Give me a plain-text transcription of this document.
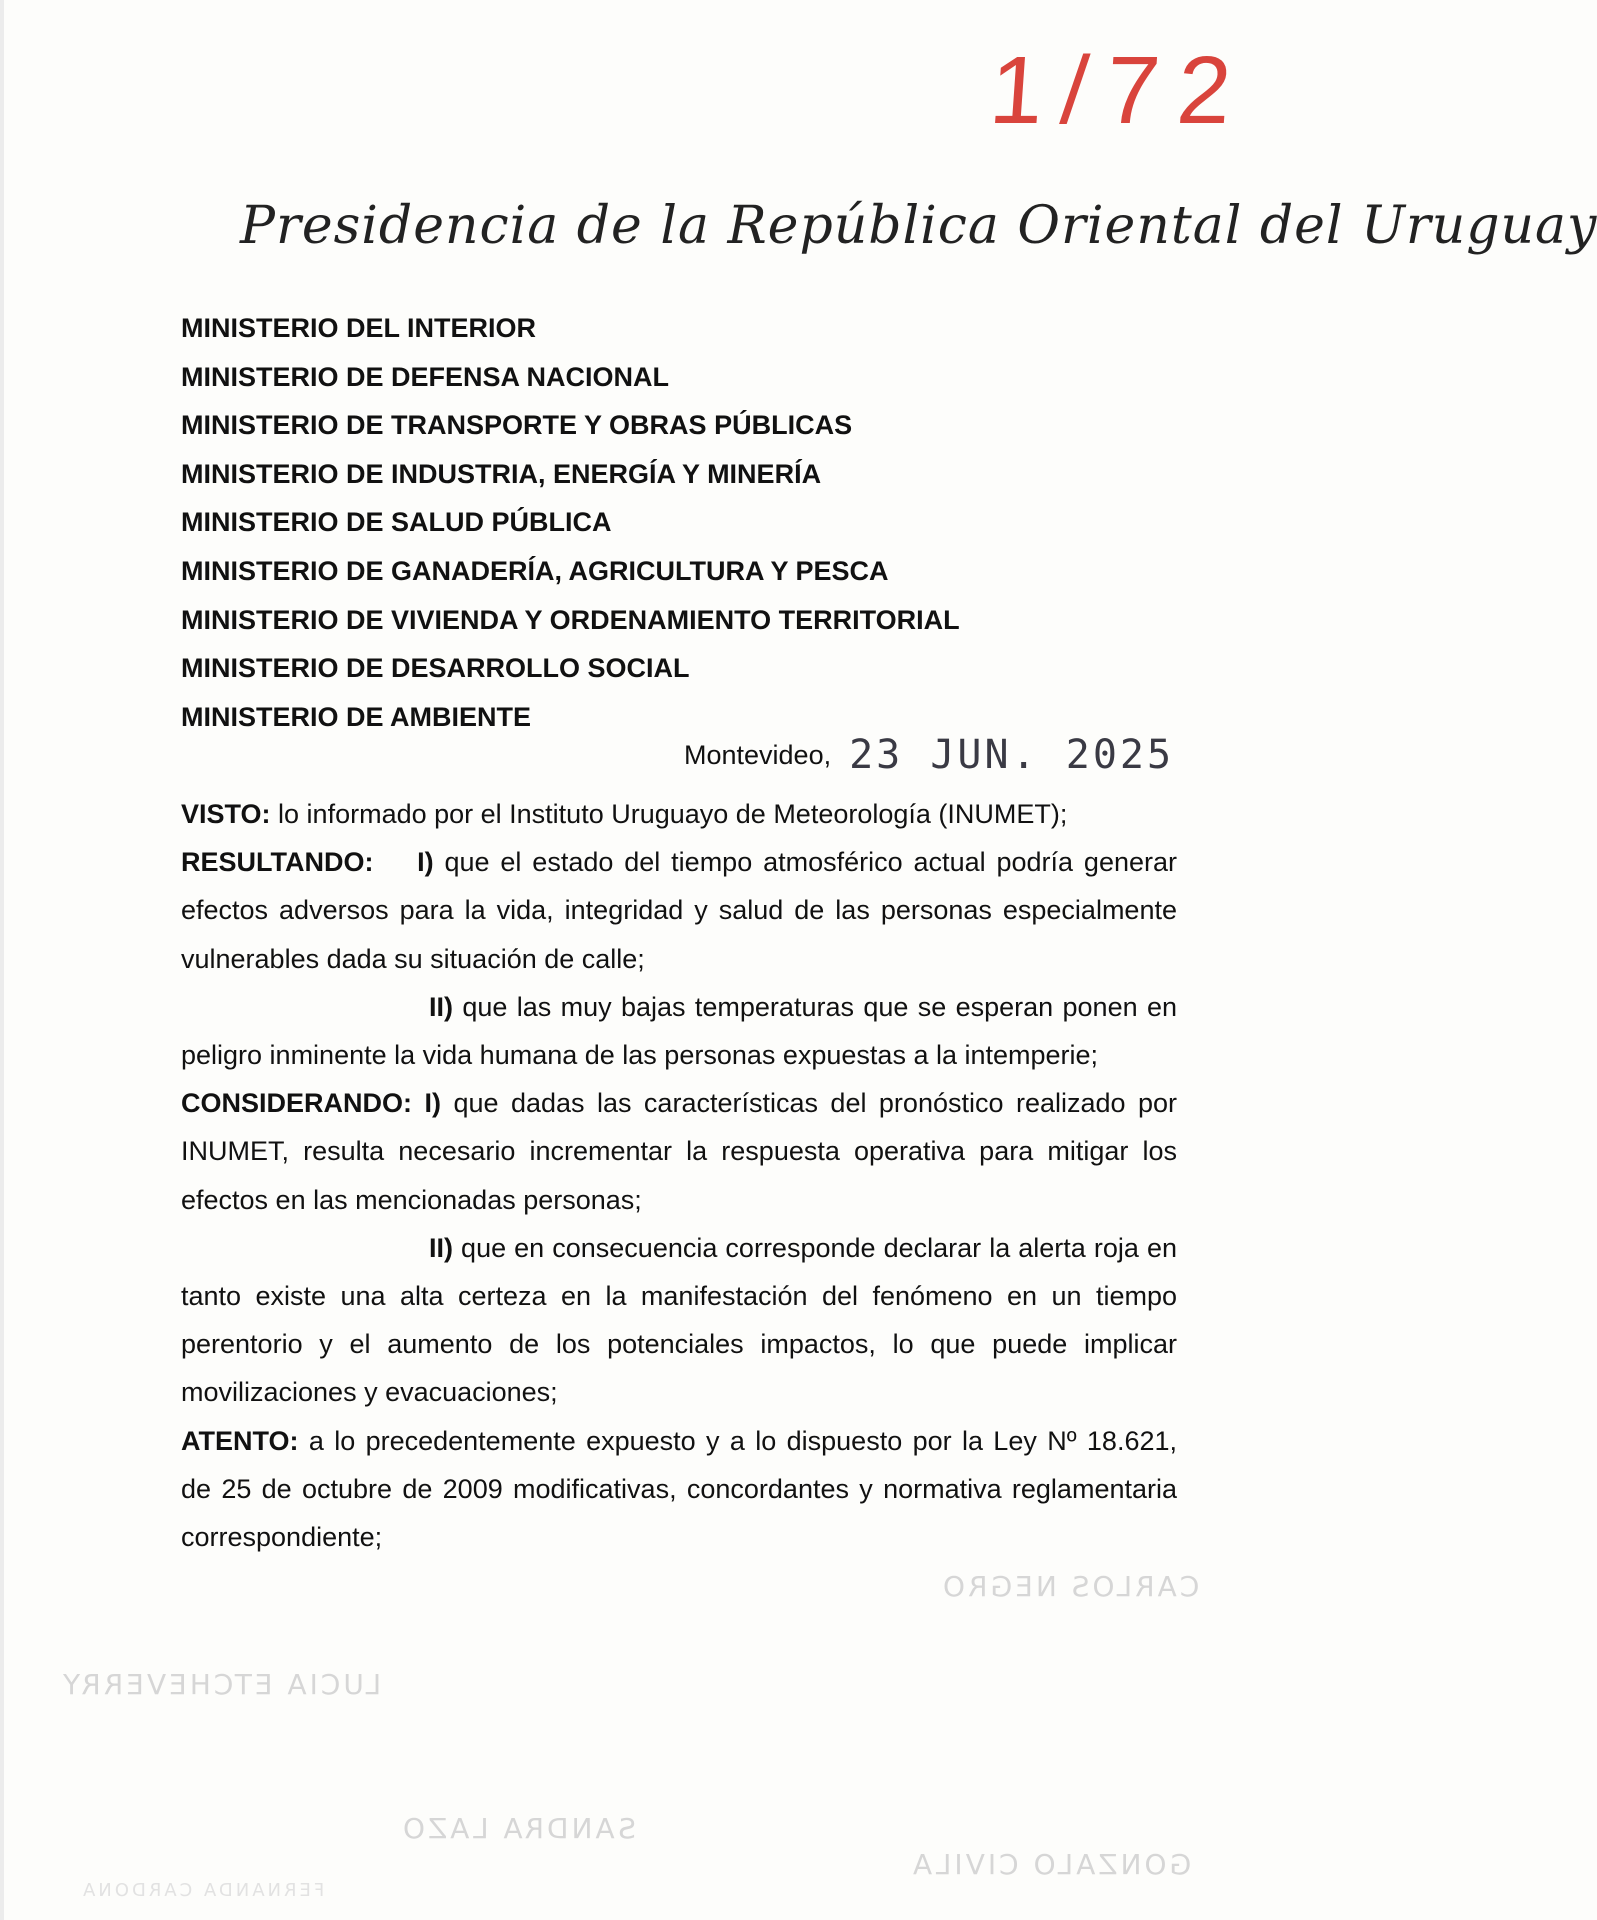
1/72
Presidencia de la República Oriental del Uruguay
MINISTERIO DEL INTERIOR
MINISTERIO DE DEFENSA NACIONAL
MINISTERIO DE TRANSPORTE Y OBRAS PÚBLICAS
MINISTERIO DE INDUSTRIA, ENERGÍA Y MINERÍA
MINISTERIO DE SALUD PÚBLICA
MINISTERIO DE GANADERÍA, AGRICULTURA Y PESCA
MINISTERIO DE VIVIENDA Y ORDENAMIENTO TERRITORIAL
MINISTERIO DE DESARROLLO SOCIAL
MINISTERIO DE AMBIENTE
Montevideo, 23 JUN. 2025

VISTO: lo informado por el Instituto Uruguayo de Meteorología (INUMET);

RESULTANDO: I) que el estado del tiempo atmosférico actual podría generar efectos adversos para la vida, integridad y salud de las personas especialmente vulnerables dada su situación de calle;

II) que las muy bajas temperaturas que se esperan ponen en peligro inminente la vida humana de las personas expuestas a la intemperie;

CONSIDERANDO: I) que dadas las características del pronóstico realizado por INUMET, resulta necesario incrementar la respuesta operativa para mitigar los efectos en las mencionadas personas;

II) que en consecuencia corresponde declarar la alerta roja en tanto existe una alta certeza en la manifestación del fenómeno en un tiempo perentorio y el aumento de los potenciales impactos, lo que puede implicar movilizaciones y evacuaciones;

ATENTO: a lo precedentemente expuesto y a lo dispuesto por la Ley Nº 18.621, de 25 de octubre de 2009 modificativas, concordantes y normativa reglamentaria correspondiente;

CARLOS NEGRO
LUCIA ETCHEVERRY
SANDRA LAZO
GONZALO CIVILA
FERNANDA CARDONA
